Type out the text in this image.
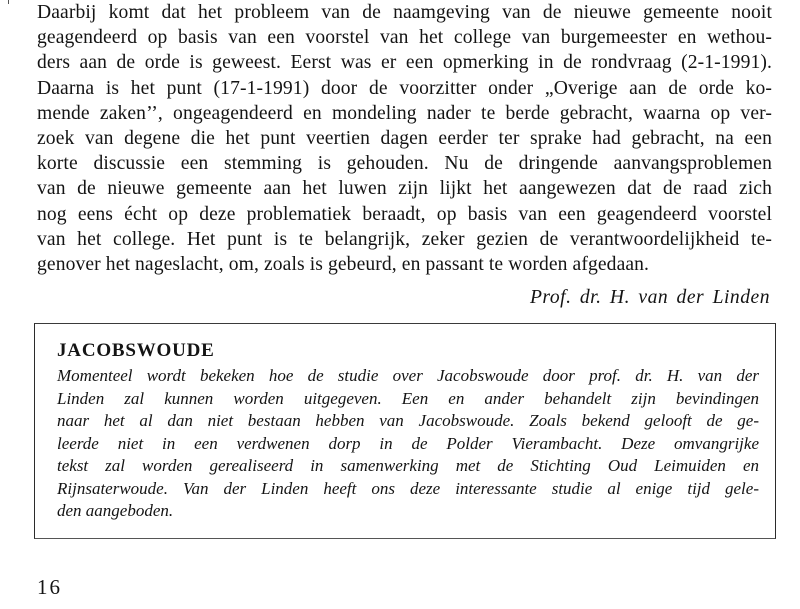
Daarbij komt dat het probleem van de naamgeving van de nieuwe gemeente nooit
geagendeerd op basis van een voorstel van het college van burgemeester en wethou-
ders aan de orde is geweest. Eerst was er een opmerking in de rondvraag (2-1-1991).
Daarna is het punt (17-1-1991) door de voorzitter onder „Overige aan de orde ko-
mende zaken’’, ongeagendeerd en mondeling nader te berde gebracht, waarna op ver-
zoek van degene die het punt veertien dagen eerder ter sprake had gebracht, na een
korte discussie een stemming is gehouden. Nu de dringende aanvangsproblemen
van de nieuwe gemeente aan het luwen zijn lijkt het aangewezen dat de raad zich
nog eens écht op deze problematiek beraadt, op basis van een geagendeerd voorstel
van het college. Het punt is te belangrijk, zeker gezien de verantwoordelijkheid te-
genover het nageslacht, om, zoals is gebeurd, en passant te worden afgedaan.
Prof. dr. H. van der Linden
JACOBSWOUDE
Momenteel wordt bekeken hoe de studie over Jacobswoude door prof. dr. H. van der
Linden zal kunnen worden uitgegeven. Een en ander behandelt zijn bevindingen
naar het al dan niet bestaan hebben van Jacobswoude. Zoals bekend gelooft de ge-
leerde niet in een verdwenen dorp in de Polder Vierambacht. Deze omvangrijke
tekst zal worden gerealiseerd in samenwerking met de Stichting Oud Leimuiden en
Rijnsaterwoude. Van der Linden heeft ons deze interessante studie al enige tijd gele-
den aangeboden.
16
